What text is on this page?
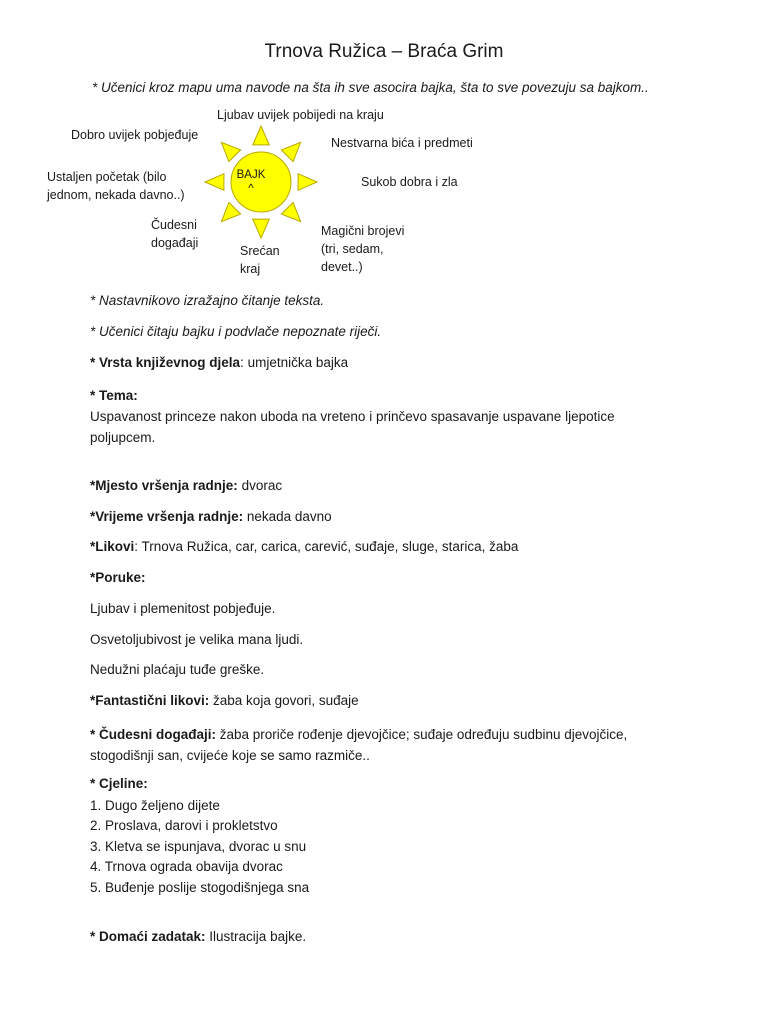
Trnova Ružica – Braća Grim
* Učenici kroz mapu uma navode na šta ih sve asocira bajka, šta to sve povezuju sa bajkom..
BAJK
^
Ljubav uvijek pobijedi na kraju
Dobro uvijek pobjeđuje
Nestvarna bića i predmeti
Ustaljen početak (bilo
jednom, nekada davno..)
Sukob dobra i zla
Čudesni
događaji
Srećan
kraj
Magični brojevi
(tri, sedam,
devet..)
* Nastavnikovo izražajno čitanje teksta.
* Učenici čitaju bajku i podvlače nepoznate riječi.
* Vrsta književnog djela: umjetnička bajka
* Tema:
Uspavanost princeze nakon uboda na vreteno i prinčevo spasavanje uspavane ljepotice
poljupcem.
*Mjesto vršenja radnje: dvorac
*Vrijeme vršenja radnje: nekada davno
*Likovi: Trnova Ružica, car, carica, carević, suđaje, sluge, starica, žaba
*Poruke:
Ljubav i plemenitost pobjeđuje.
Osvetoljubivost je velika mana ljudi.
Nedužni plaćaju tuđe greške.
*Fantastični likovi: žaba koja govori, suđaje
* Čudesni događaji: žaba proriče rođenje djevojčice; suđaje određuju sudbinu djevojčice,
stogodišnji san, cvijeće koje se samo razmiče..
* Cjeline:
1. Dugo željeno dijete
2. Proslava, darovi i prokletstvo
3. Kletva se ispunjava, dvorac u snu
4. Trnova ograda obavija dvorac
5. Buđenje poslije stogodišnjega sna
* Domaći zadatak: Ilustracija bajke.
